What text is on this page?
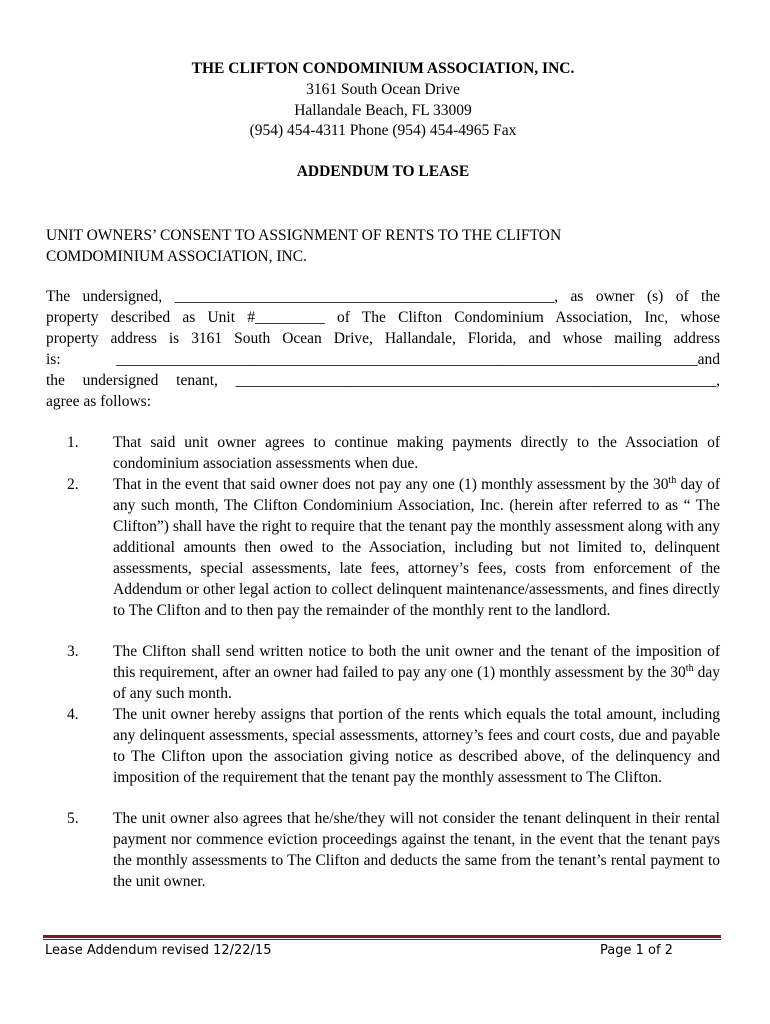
THE CLIFTON CONDOMINIUM ASSOCIATION, INC.
3161 South Ocean Drive
Hallandale Beach, FL 33009
(954) 454-4311 Phone (954) 454-4965 Fax
ADDENDUM TO LEASE
UNIT OWNERS’ CONSENT TO ASSIGNMENT OF RENTS TO THE CLIFTON
COMDOMINIUM ASSOCIATION, INC.
The undersigned, _________________________________________________, as owner (s) of the
property described as Unit #_________ of The Clifton Condominium Association, Inc, whose
property address is 3161 South Ocean Drive, Hallandale, Florida, and whose mailing address
is: ___________________________________________________________________________and
the undersigned tenant, ______________________________________________________________,
agree as follows:
1.	That said unit owner agrees to continue making payments directly to the Association of condominium association assessments when due.
2.	That in the event that said owner does not pay any one (1) monthly assessment by the 30th day of any such month, The Clifton Condominium Association, Inc. (herein after referred to as “ The Clifton”) shall have the right to require that the tenant pay the monthly assessment along with any additional amounts then owed to the Association, including but not limited to, delinquent assessments, special assessments, late fees, attorney’s fees, costs from enforcement of the Addendum or other legal action to collect delinquent maintenance/assessments, and fines directly to The Clifton and to then pay the remainder of the monthly rent to the landlord.
3.	The Clifton shall send written notice to both the unit owner and the tenant of the imposition of this requirement, after an owner had failed to pay any one (1) monthly assessment by the 30th day of any such month.
4.	The unit owner hereby assigns that portion of the rents which equals the total amount, including any delinquent assessments, special assessments, attorney’s fees and court costs, due and payable to The Clifton upon the association giving notice as described above, of the delinquency and imposition of the requirement that the tenant pay the monthly assessment to The Clifton.
5.	The unit owner also agrees that he/she/they will not consider the tenant delinquent in their rental payment nor commence eviction proceedings against the tenant, in the event that the tenant pays the monthly assessments to The Clifton and deducts the same from the tenant’s rental payment to the unit owner.
Lease Addendum revised 12/22/15	Page 1 of 2
